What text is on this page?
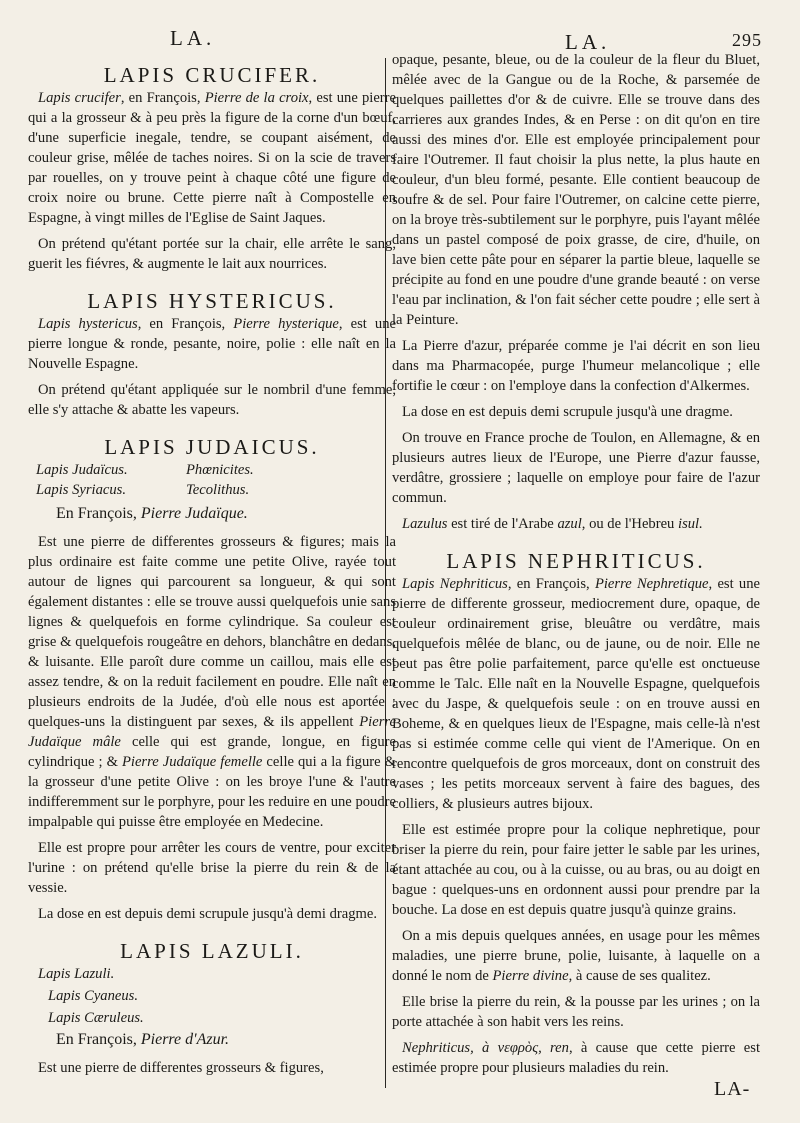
LA.	LA.	295
LAPIS CRUCIFER.

Lapis crucifer, en François, Pierre de la croix, est une pierre qui a la grosseur & à peu près la figure de la corne d'un bœuf, d'une superficie inegale, tendre, se coupant aisément, de couleur grise, mêlée de taches noires. Si on la scie de travers par rouelles, on y trouve peint à chaque côté une figure de croix noire ou brune. Cette pierre naît à Compostelle en Espagne, à vingt milles de l'Eglise de Saint Jaques.

On prétend qu'étant portée sur la chair, elle arrête le sang, guerit les fiévres, & augmente le lait aux nourrices.

LAPIS HYSTERICUS.

Lapis hystericus, en François, Pierre hysterique, est une pierre longue & ronde, pesante, noire, polie : elle naît en la Nouvelle Espagne.

On prétend qu'étant appliquée sur le nombril d'une femme, elle s'y attache & abatte les vapeurs.

LAPIS JUDAICUS.
Lapis Judaïcus.	Phœnicites.
Lapis Syriacus.	Tecolithus.
En François, Pierre Judaïque.

Est une pierre de differentes grosseurs & figures; mais la plus ordinaire est faite comme une petite Olive, rayée tout autour de lignes qui parcourent sa longueur, & qui sont également distantes : elle se trouve aussi quelquefois unie sans lignes & quelquefois en forme cylindrique. Sa couleur est grise & quelquefois rougeâtre en dehors, blanchâtre en dedans, & luisante. Elle paroît dure comme un caillou, mais elle est assez tendre, & on la reduit facilement en poudre. Elle naît en plusieurs endroits de la Judée, d'où elle nous est aportée : quelques-uns la distinguent par sexes, & ils appellent Pierre Judaïque mâle celle qui est grande, longue, en figure cylindrique ; & Pierre Judaïque femelle celle qui a la figure & la grosseur d'une petite Olive : on les broye l'une & l'autre indifferemment sur le porphyre, pour les reduire en une poudre impalpable qui puisse être employée en Medecine.

Elle est propre pour arrêter les cours de ventre, pour exciter l'urine : on prétend qu'elle brise la pierre du rein & de la vessie.

La dose en est depuis demi scrupule jusqu'à demi dragme.

LAPIS LAZULI.
Lapis Lazuli.
Lapis Cyaneus.
Lapis Cæruleus.
En François, Pierre d'Azur.

Est une pierre de differentes grosseurs & figures,

opaque, pesante, bleue, ou de la couleur de la fleur du Bluet, mêlée avec de la Gangue ou de la Roche, & parsemée de quelques paillettes d'or & de cuivre. Elle se trouve dans des carrieres aux grandes Indes, & en Perse : on dit qu'on en tire aussi des mines d'or. Elle est employée principalement pour faire l'Outremer. Il faut choisir la plus nette, la plus haute en couleur, d'un bleu formé, pesante. Elle contient beaucoup de soufre & de sel. Pour faire l'Outremer, on calcine cette pierre, on la broye très-subtilement sur le porphyre, puis l'ayant mêlée dans un pastel composé de poix grasse, de cire, d'huile, on lave bien cette pâte pour en séparer la partie bleue, laquelle se précipite au fond en une poudre d'une grande beauté : on verse l'eau par inclination, & l'on fait sécher cette poudre ; elle sert à la Peinture.

La Pierre d'azur, préparée comme je l'ai décrit en son lieu dans ma Pharmacopée, purge l'humeur melancolique ; elle fortifie le cœur : on l'employe dans la confection d'Alkermes.

La dose en est depuis demi scrupule jusqu'à une dragme.

On trouve en France proche de Toulon, en Allemagne, & en plusieurs autres lieux de l'Europe, une Pierre d'azur fausse, verdâtre, grossiere ; laquelle on employe pour faire de l'azur commun.

Lazulus est tiré de l'Arabe azul, ou de l'Hebreu isul.

LAPIS NEPHRITICUS.

Lapis Nephriticus, en François, Pierre Nephretique, est une pierre de differente grosseur, mediocrement dure, opaque, de couleur ordinairement grise, bleuâtre ou verdâtre, mais quelquefois mêlée de blanc, ou de jaune, ou de noir. Elle ne peut pas être polie parfaitement, parce qu'elle est onctueuse comme le Talc. Elle naît en la Nouvelle Espagne, quelquefois avec du Jaspe, & quelquefois seule : on en trouve aussi en Boheme, & en quelques lieux de l'Espagne, mais celle-là n'est pas si estimée comme celle qui vient de l'Amerique. On en rencontre quelquefois de gros morceaux, dont on construit des vases ; les petits morceaux servent à faire des bagues, des colliers, & plusieurs autres bijoux.

Elle est estimée propre pour la colique nephretique, pour briser la pierre du rein, pour faire jetter le sable par les urines, étant attachée au cou, ou à la cuisse, ou au bras, ou au doigt en bague : quelques-uns en ordonnent aussi pour prendre par la bouche. La dose en est depuis quatre jusqu'à quinze grains.

On a mis depuis quelques années, en usage pour les mêmes maladies, une pierre brune, polie, luisante, à laquelle on a donné le nom de Pierre divine, à cause de ses qualitez.

Elle brise la pierre du rein, & la pousse par les urines ; on la porte attachée à son habit vers les reins.

Nephriticus, à νεφρὸς, ren, à cause que cette pierre est estimée propre pour plusieurs maladies du rein.

LA-
